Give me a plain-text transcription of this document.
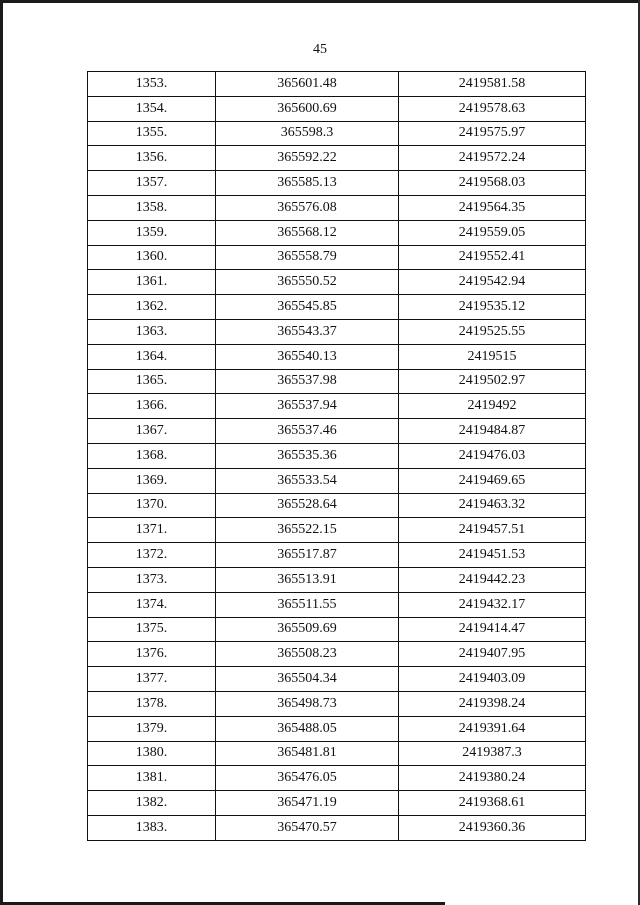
45
1353.	365601.48	2419581.58
1354.	365600.69	2419578.63
1355.	365598.3	2419575.97
1356.	365592.22	2419572.24
1357.	365585.13	2419568.03
1358.	365576.08	2419564.35
1359.	365568.12	2419559.05
1360.	365558.79	2419552.41
1361.	365550.52	2419542.94
1362.	365545.85	2419535.12
1363.	365543.37	2419525.55
1364.	365540.13	2419515
1365.	365537.98	2419502.97
1366.	365537.94	2419492
1367.	365537.46	2419484.87
1368.	365535.36	2419476.03
1369.	365533.54	2419469.65
1370.	365528.64	2419463.32
1371.	365522.15	2419457.51
1372.	365517.87	2419451.53
1373.	365513.91	2419442.23
1374.	365511.55	2419432.17
1375.	365509.69	2419414.47
1376.	365508.23	2419407.95
1377.	365504.34	2419403.09
1378.	365498.73	2419398.24
1379.	365488.05	2419391.64
1380.	365481.81	2419387.3
1381.	365476.05	2419380.24
1382.	365471.19	2419368.61
1383.	365470.57	2419360.36
